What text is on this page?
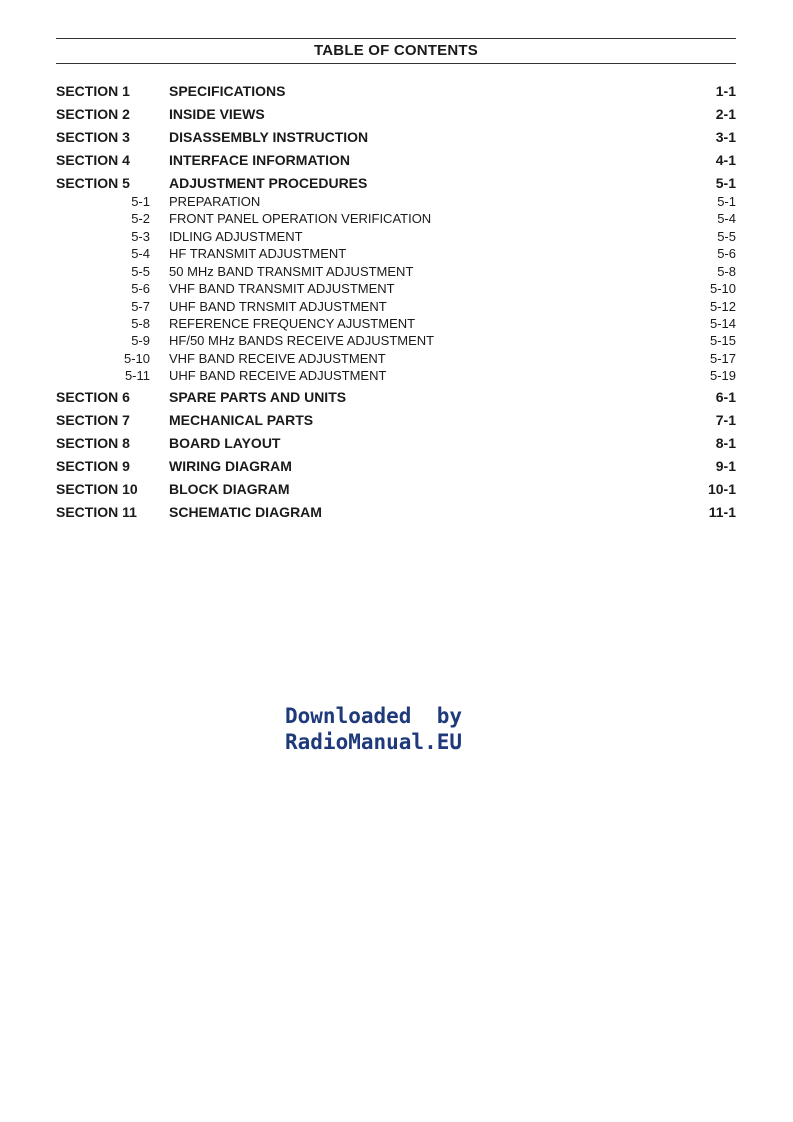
TABLE OF CONTENTS
SECTION 1	SPECIFICATIONS	1-1
SECTION 2	INSIDE VIEWS	2-1
SECTION 3	DISASSEMBLY INSTRUCTION	3-1
SECTION 4	INTERFACE INFORMATION	4-1
SECTION 5	ADJUSTMENT PROCEDURES	5-1
5-1	PREPARATION	5-1
5-2	FRONT PANEL OPERATION VERIFICATION	5-4
5-3	IDLING ADJUSTMENT	5-5
5-4	HF TRANSMIT ADJUSTMENT	5-6
5-5	50 MHz BAND TRANSMIT ADJUSTMENT	5-8
5-6	VHF BAND TRANSMIT ADJUSTMENT	5-10
5-7	UHF BAND TRNSMIT ADJUSTMENT	5-12
5-8	REFERENCE FREQUENCY AJUSTMENT	5-14
5-9	HF/50 MHz BANDS RECEIVE ADJUSTMENT	5-15
5-10	VHF BAND RECEIVE ADJUSTMENT	5-17
5-11	UHF BAND RECEIVE ADJUSTMENT	5-19
SECTION 6	SPARE PARTS AND UNITS	6-1
SECTION 7	MECHANICAL PARTS	7-1
SECTION 8	BOARD LAYOUT	8-1
SECTION 9	WIRING DIAGRAM	9-1
SECTION 10	BLOCK DIAGRAM	10-1
SECTION 11	SCHEMATIC DIAGRAM	11-1
Downloaded  by
RadioManual.EU
